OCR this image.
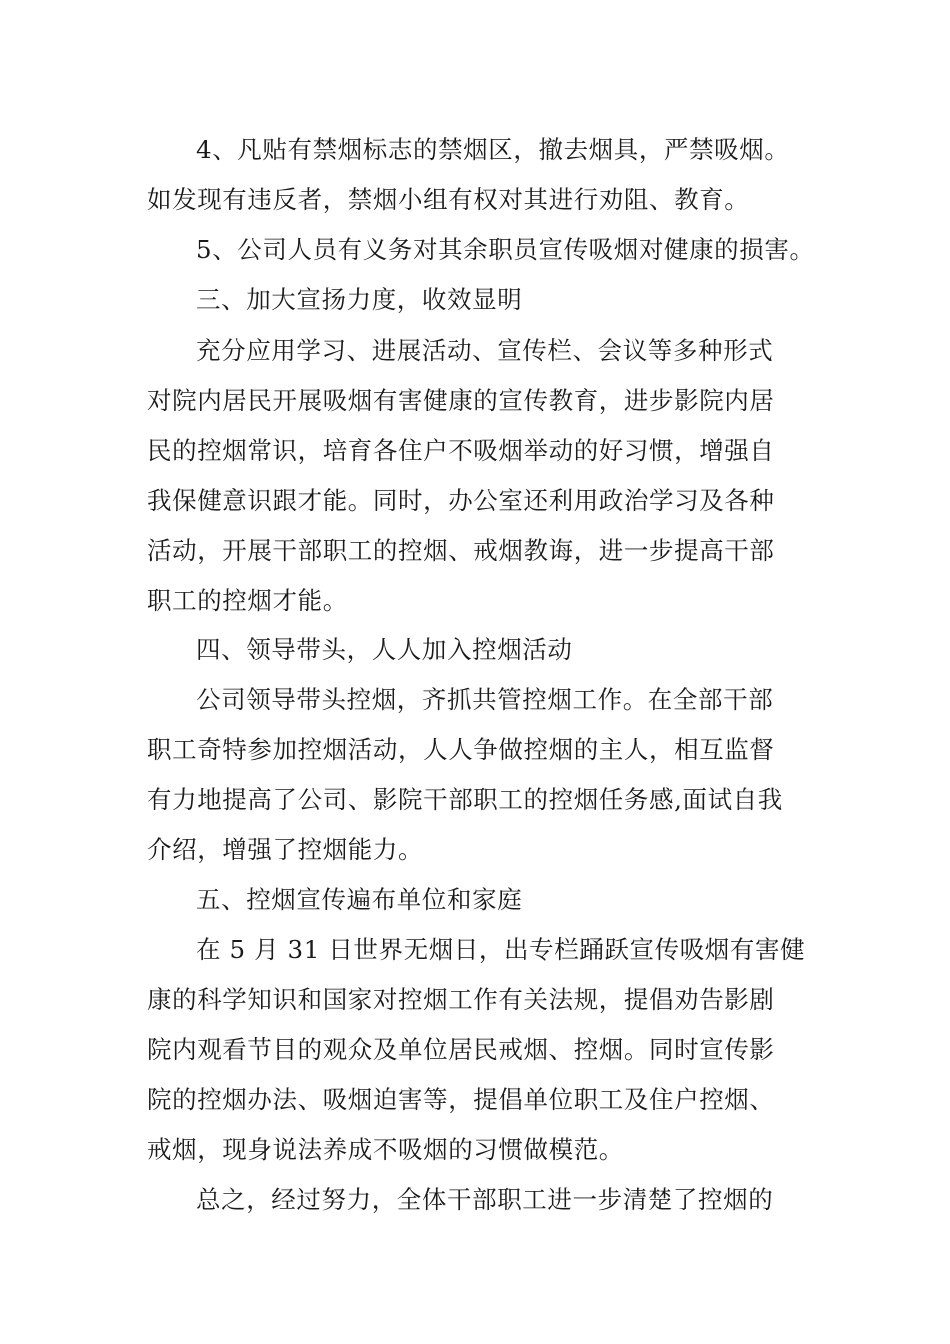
4、凡贴有禁烟标志的禁烟区，撤去烟具，严禁吸烟。
如发现有违反者，禁烟小组有权对其进行劝阻、教育。
5、公司人员有义务对其余职员宣传吸烟对健康的损害。
三、加大宣扬力度，收效显明
充分应用学习、进展活动、宣传栏、会议等多种形式
对院内居民开展吸烟有害健康的宣传教育，进步影院内居
民的控烟常识，培育各住户不吸烟举动的好习惯，增强自
我保健意识跟才能。同时，办公室还利用政治学习及各种
活动，开展干部职工的控烟、戒烟教诲，进一步提高干部
职工的控烟才能。
四、领导带头，人人加入控烟活动
公司领导带头控烟，齐抓共管控烟工作。在全部干部
职工奇特参加控烟活动，人人争做控烟的主人，相互监督
有力地提高了公司、影院干部职工的控烟任务感,面试自我
介绍，增强了控烟能力。
五、控烟宣传遍布单位和家庭
在 5 月 31 日世界无烟日，出专栏踊跃宣传吸烟有害健
康的科学知识和国家对控烟工作有关法规，提倡劝告影剧
院内观看节目的观众及单位居民戒烟、控烟。同时宣传影
院的控烟办法、吸烟迫害等，提倡单位职工及住户控烟、
戒烟，现身说法养成不吸烟的习惯做模范。
总之，经过努力，全体干部职工进一步清楚了控烟的
